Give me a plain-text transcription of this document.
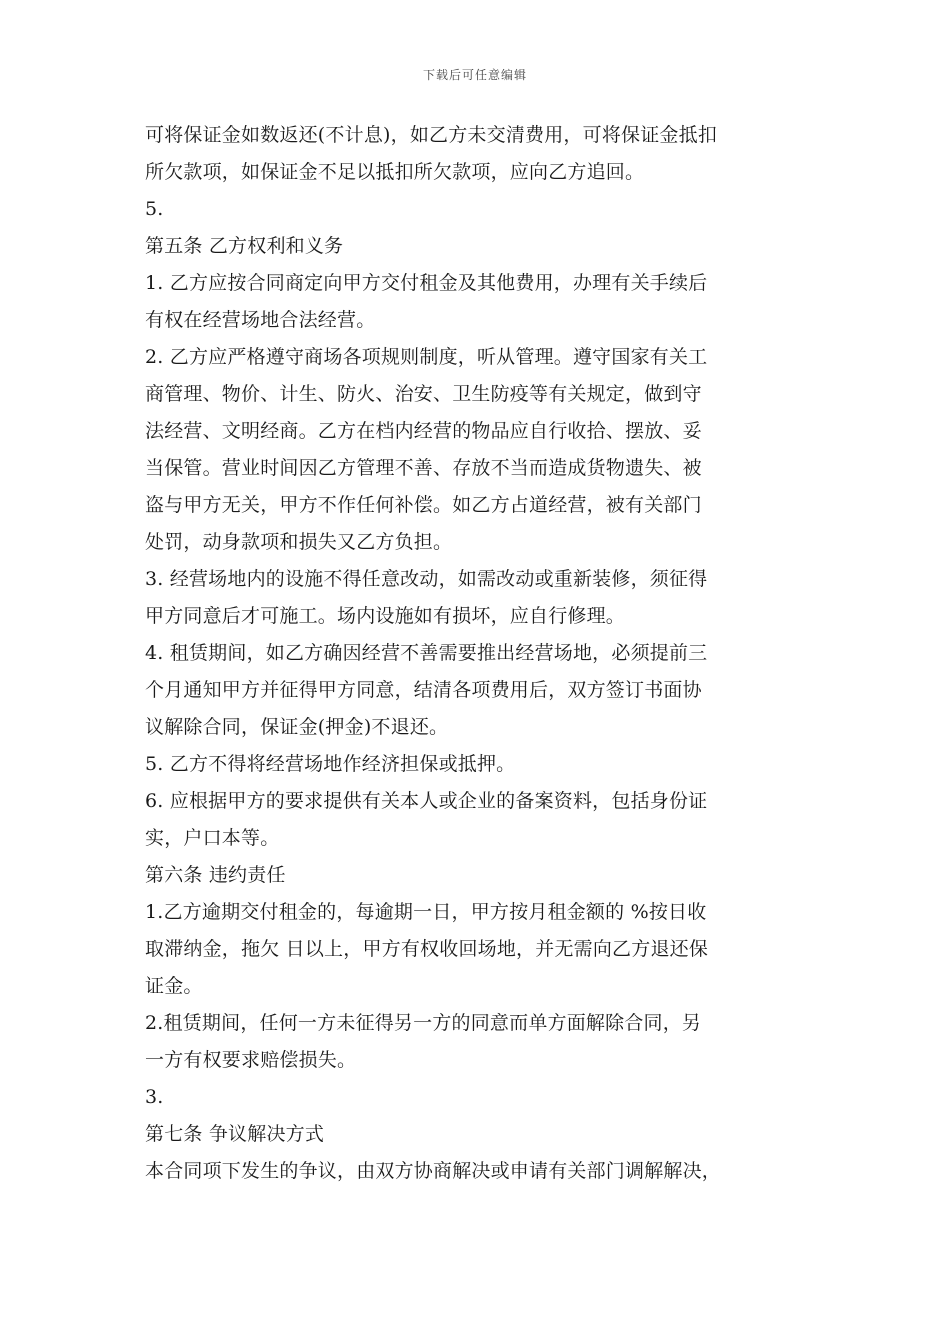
下载后可任意编辑
可将保证金如数返还(不计息)，如乙方未交清费用，可将保证金抵扣
所欠款项，如保证金不足以抵扣所欠款项，应向乙方追回。
5.
第五条 乙方权利和义务
1. 乙方应按合同商定向甲方交付租金及其他费用，办理有关手续后
有权在经营场地合法经营。
2. 乙方应严格遵守商场各项规则制度，听从管理。遵守国家有关工
商管理、物价、计生、防火、治安、卫生防疫等有关规定，做到守
法经营、文明经商。乙方在档内经营的物品应自行收拾、摆放、妥
当保管。营业时间因乙方管理不善、存放不当而造成货物遗失、被
盗与甲方无关，甲方不作任何补偿。如乙方占道经营，被有关部门
处罚，动身款项和损失又乙方负担。
3. 经营场地内的设施不得任意改动，如需改动或重新装修，须征得
甲方同意后才可施工。场内设施如有损坏，应自行修理。
4. 租赁期间，如乙方确因经营不善需要推出经营场地，必须提前三
个月通知甲方并征得甲方同意，结清各项费用后，双方签订书面协
议解除合同，保证金(押金)不退还。
5. 乙方不得将经营场地作经济担保或抵押。
6. 应根据甲方的要求提供有关本人或企业的备案资料，包括身份证
实，户口本等。
第六条 违约责任
1.乙方逾期交付租金的，每逾期一日，甲方按月租金额的 %按日收
取滞纳金，拖欠 日以上，甲方有权收回场地，并无需向乙方退还保
证金。
2.租赁期间，任何一方未征得另一方的同意而单方面解除合同，另
一方有权要求赔偿损失。
3.
第七条 争议解决方式
本合同项下发生的争议，由双方协商解决或申请有关部门调解解决，
